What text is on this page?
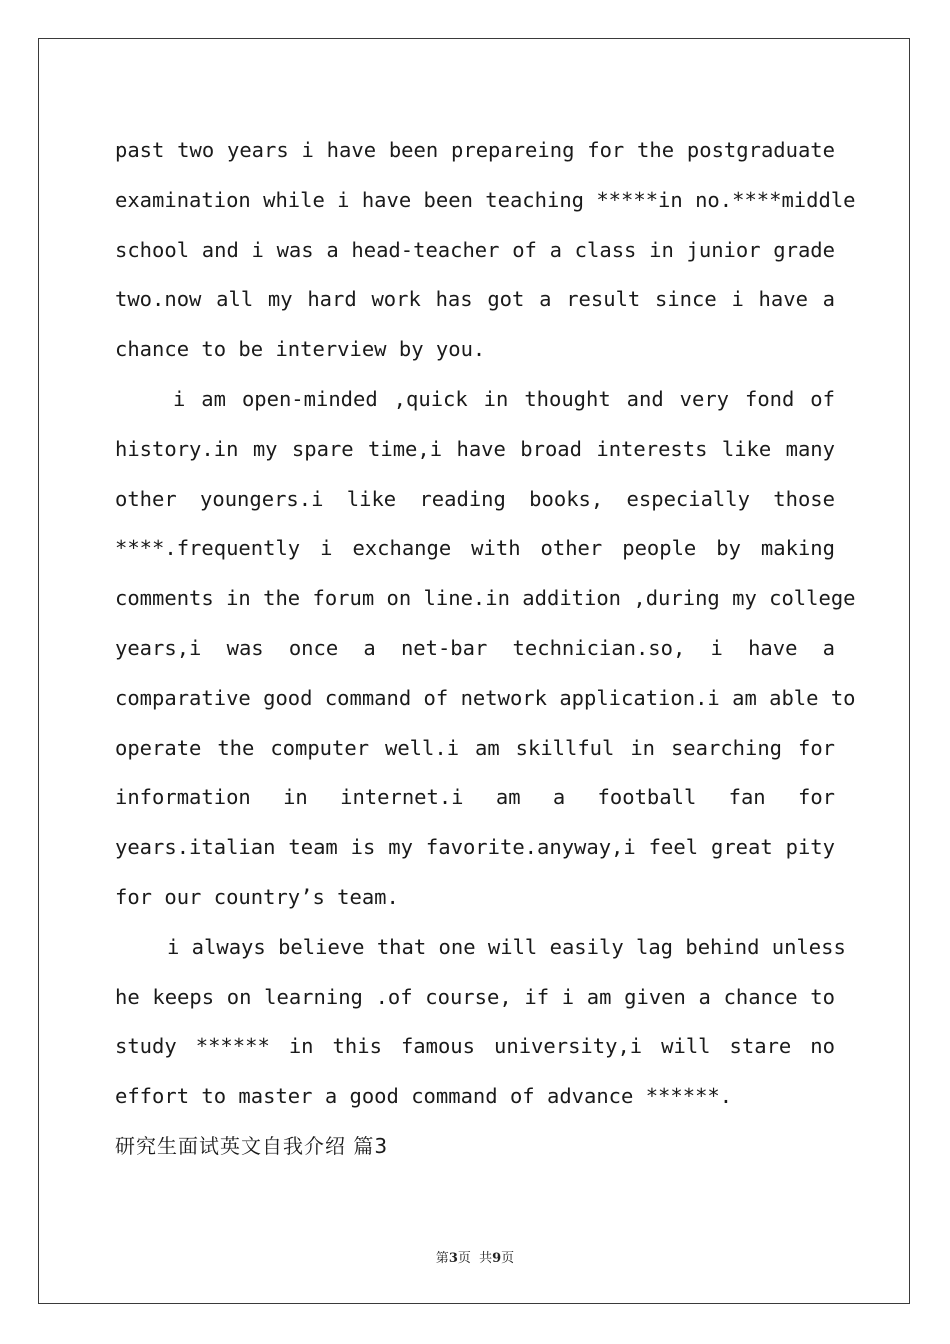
past two years i have been prepareing for the postgraduate
examination while i have been teaching *****in no.****middle
school and i was a head-teacher of a class in junior grade
two.now all my hard work has got a result since i have a
chance to be interview by you.
i am open-minded ,quick in thought and very fond of
history.in my spare time,i have broad interests like many
other youngers.i like reading books, especially those
****.frequently i exchange with other people by making
comments in the forum on line.in addition ,during my college
years,i was once a net-bar technician.so, i have a
comparative good command of network application.i am able to
operate the computer well.i am skillful in searching for
information in internet.i am a football fan for
years.italian team is my favorite.anyway,i feel great pity
for our country’s team.
i always believe that one will easily lag behind unless
he keeps on learning .of course, if i am given a chance to
study ****** in this famous university,i will stare no
effort to master a good command of advance ******.
研究生面试英文自我介绍 篇3
第3页  共9页
